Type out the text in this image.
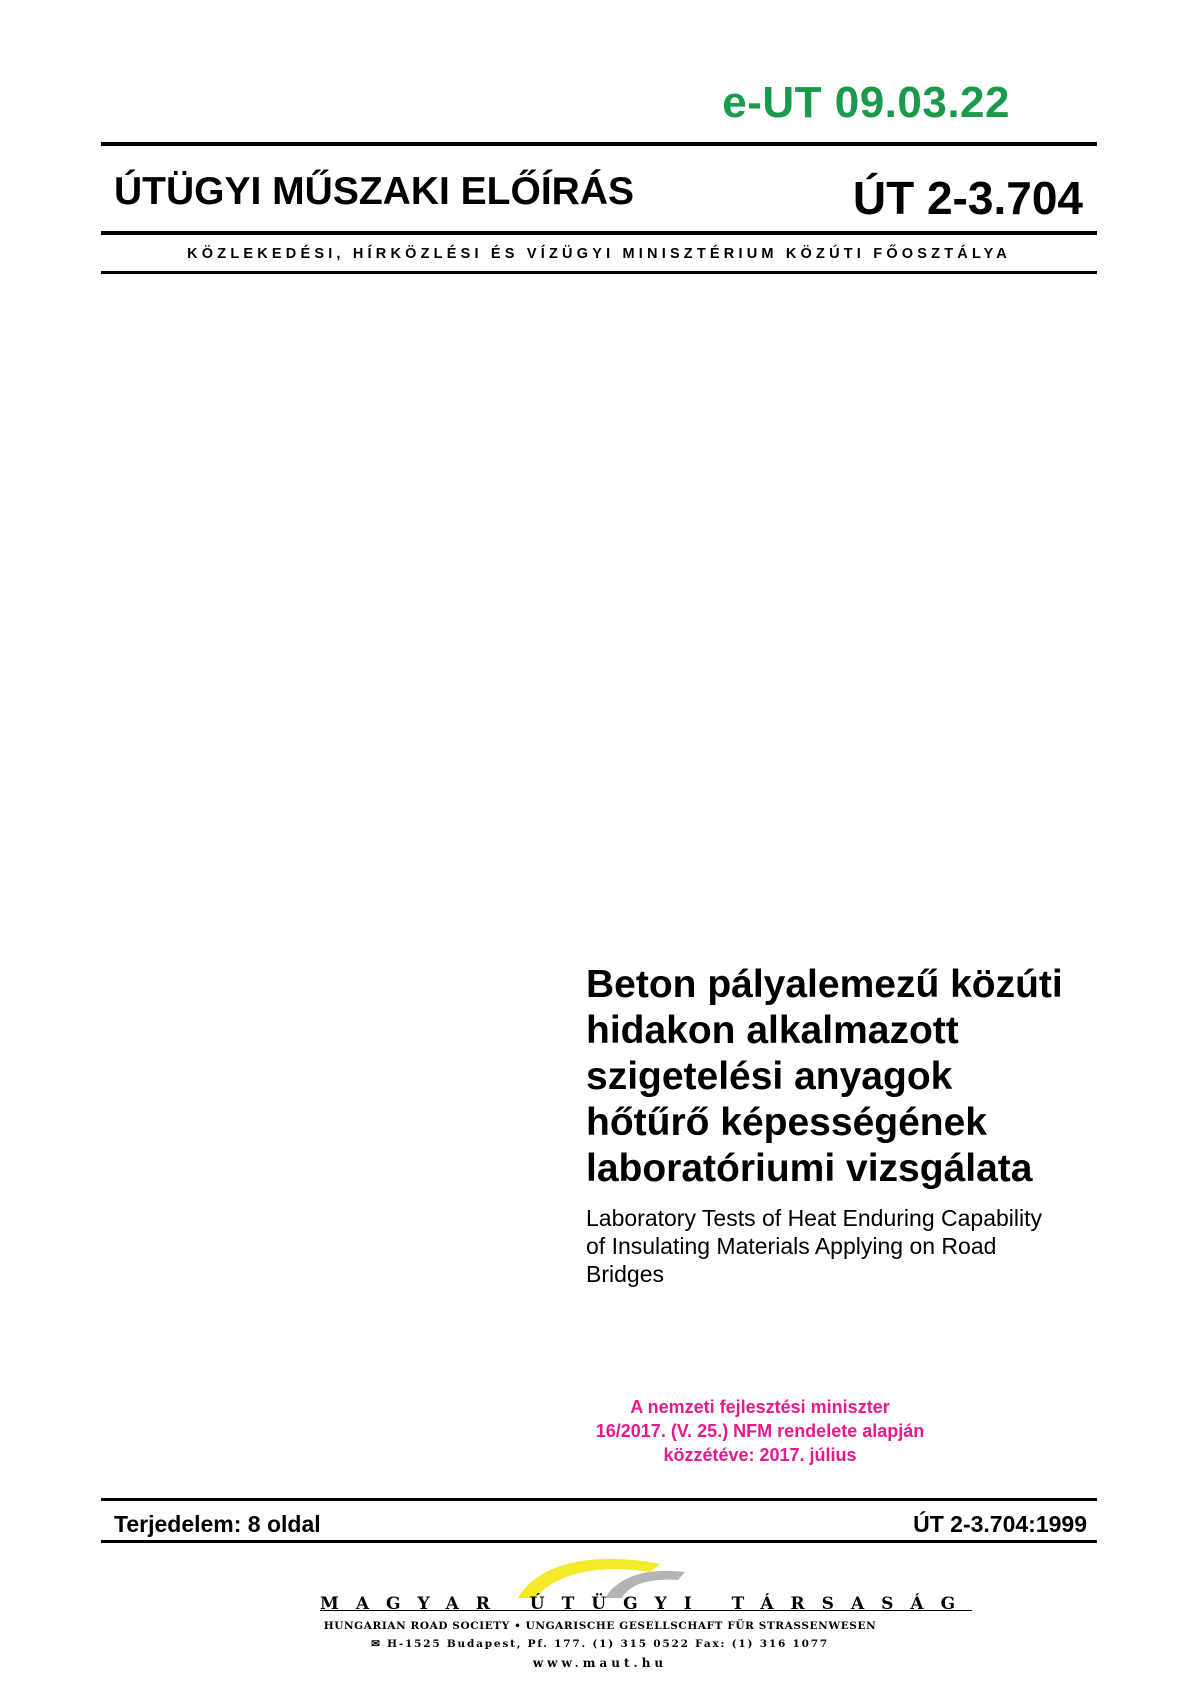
e-UT 09.03.22
ÚTÜGYI MŰSZAKI ELŐÍRÁS	ÚT 2-3.704
KÖZLEKEDÉSI, HÍRKÖZLÉSI ÉS VÍZÜGYI MINISZTÉRIUM KÖZÚTI FŐOSZTÁLYA
Beton pályalemezű közúti
hidakon alkalmazott
szigetelési anyagok
hőtűrő képességének
laboratóriumi vizsgálata
Laboratory Tests of Heat Enduring Capability
of Insulating Materials Applying on Road
Bridges
A nemzeti fejlesztési miniszter
16/2017. (V. 25.) NFM rendelete alapján
közzétéve: 2017. július
Terjedelem: 8 oldal	ÚT 2-3.704:1999
MAGYAR ÚTÜGYI TÁRSASÁG
HUNGARIAN ROAD SOCIETY • UNGARISCHE GESELLSCHAFT FÜR STRASSENWESEN
✉ H-1525 Budapest, Pf. 177. (1) 315 0522 Fax: (1) 316 1077
www.maut.hu
